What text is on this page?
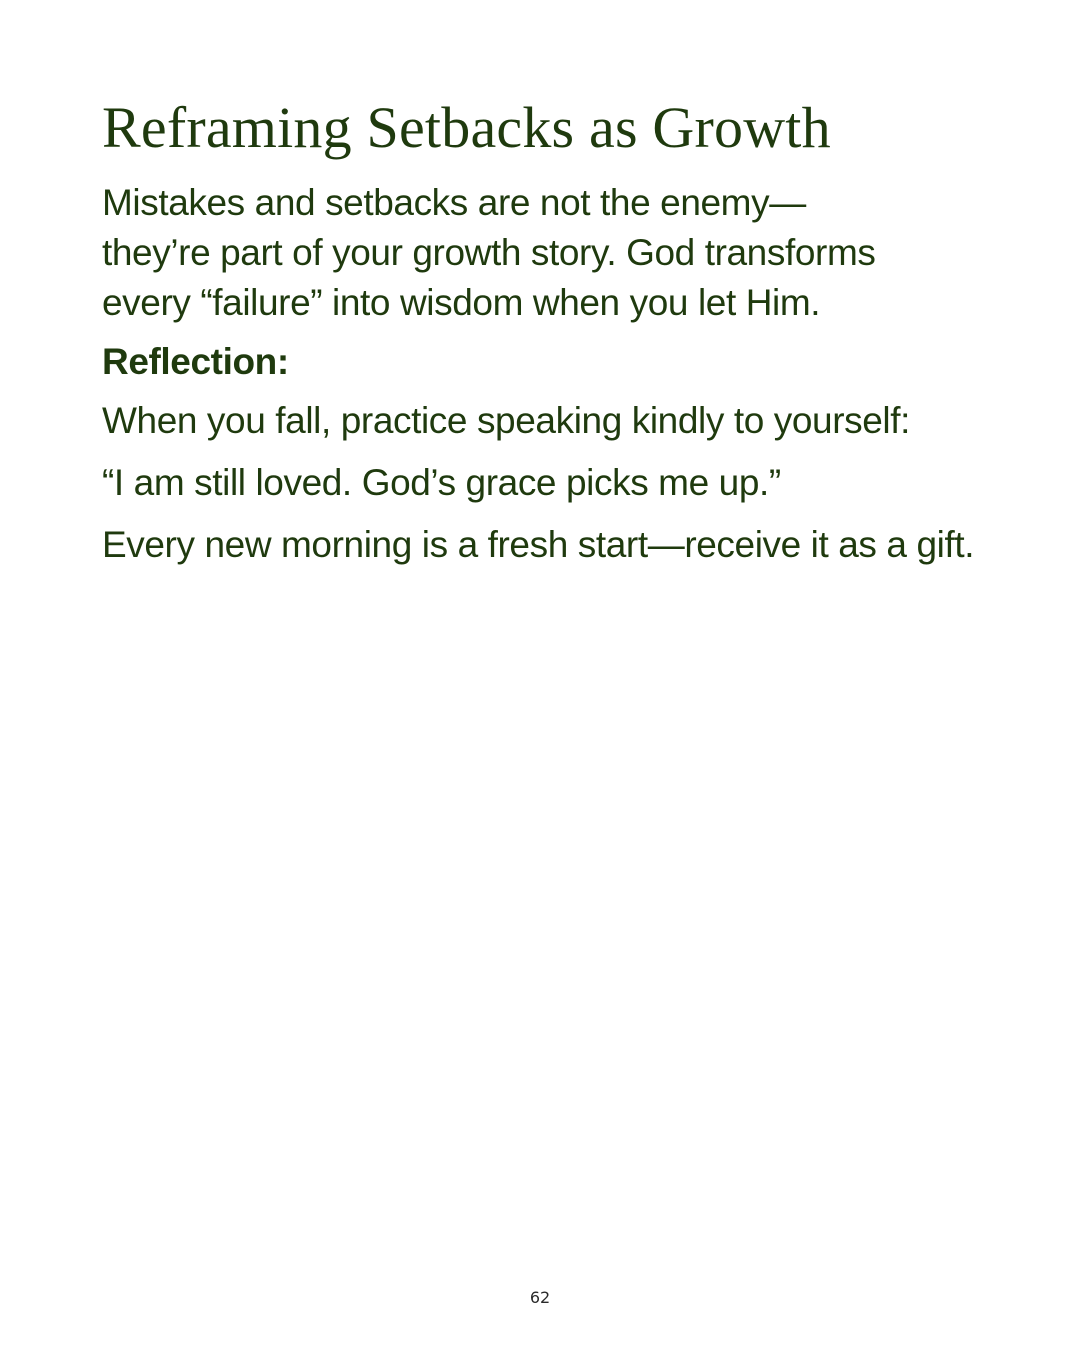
Reframing Setbacks as Growth

Mistakes and setbacks are not the enemy—
they’re part of your growth story. God transforms
every “failure” into wisdom when you let Him.

Reflection:

When you fall, practice speaking kindly to yourself:

“I am still loved. God’s grace picks me up.”

Every new morning is a fresh start—receive it as a gift.

62
